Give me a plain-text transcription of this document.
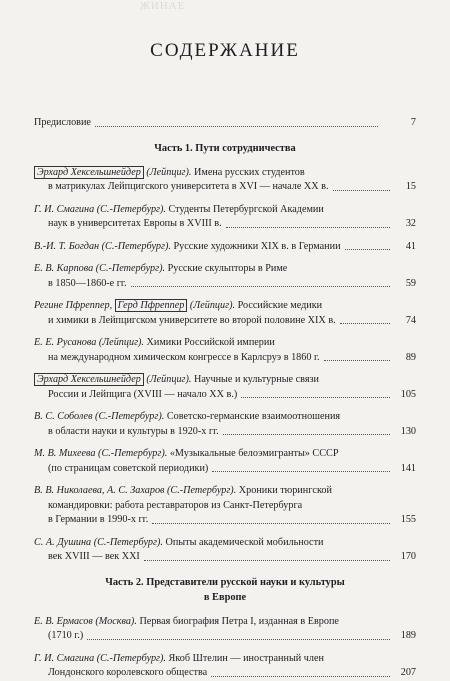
ЖИНАЕ
СОДЕРЖАНИЕ
Предисловие	7
Часть 1. Пути сотрудничества
Эрхард Хексельшнейдер (Лейпциг). Имена русских студентов
в матрикулах Лейпцигского университета в XVI — начале XX в.	15
Г. И. Смагина (С.-Петербург). Студенты Петербургской Академии
наук в университетах Европы в XVIII в.	32
В.-И. Т. Богдан (С.-Петербург). Русские художники XIX в. в Германии	41
Е. В. Карпова (С.-Петербург). Русские скульпторы в Риме
в 1850—1860-е гг.	59
Регине Пфреппер, Герд Пфреппер (Лейпциг). Российские медики
и химики в Лейпцигском университете во второй половине XIX в.	74
Е. Е. Русанова (Лейпциг). Химики Российской империи
на международном химическом конгрессе в Карлсруэ в 1860 г.	89
Эрхард Хексельшнейдер (Лейпциг). Научные и культурные связи
России и Лейпцига (XVIII — начало XX в.)	105
В. С. Соболев (С.-Петербург). Советско-германские взаимоотношения
в области науки и культуры в 1920-х гг.	130
М. В. Михеева (С.-Петербург). «Музыкальные белоэмигранты» СССР
(по страницам советской периодики)	141
В. В. Николаева, А. С. Захаров (С.-Петербург). Хроники тюрингской
командировки: работа реставраторов из Санкт-Петербурга
в Германии в 1990-х гг.	155
С. А. Душина (С.-Петербург). Опыты академической мобильности
век XVIII — век XXI	170
Часть 2. Представители русской науки и культуры
в Европе
Е. В. Ермасов (Москва). Первая биография Петра I, изданная в Европе
(1710 г.)	189
Г. И. Смагина (С.-Петербург). Якоб Штелин — иностранный член
Лондонского королевского общества	207
